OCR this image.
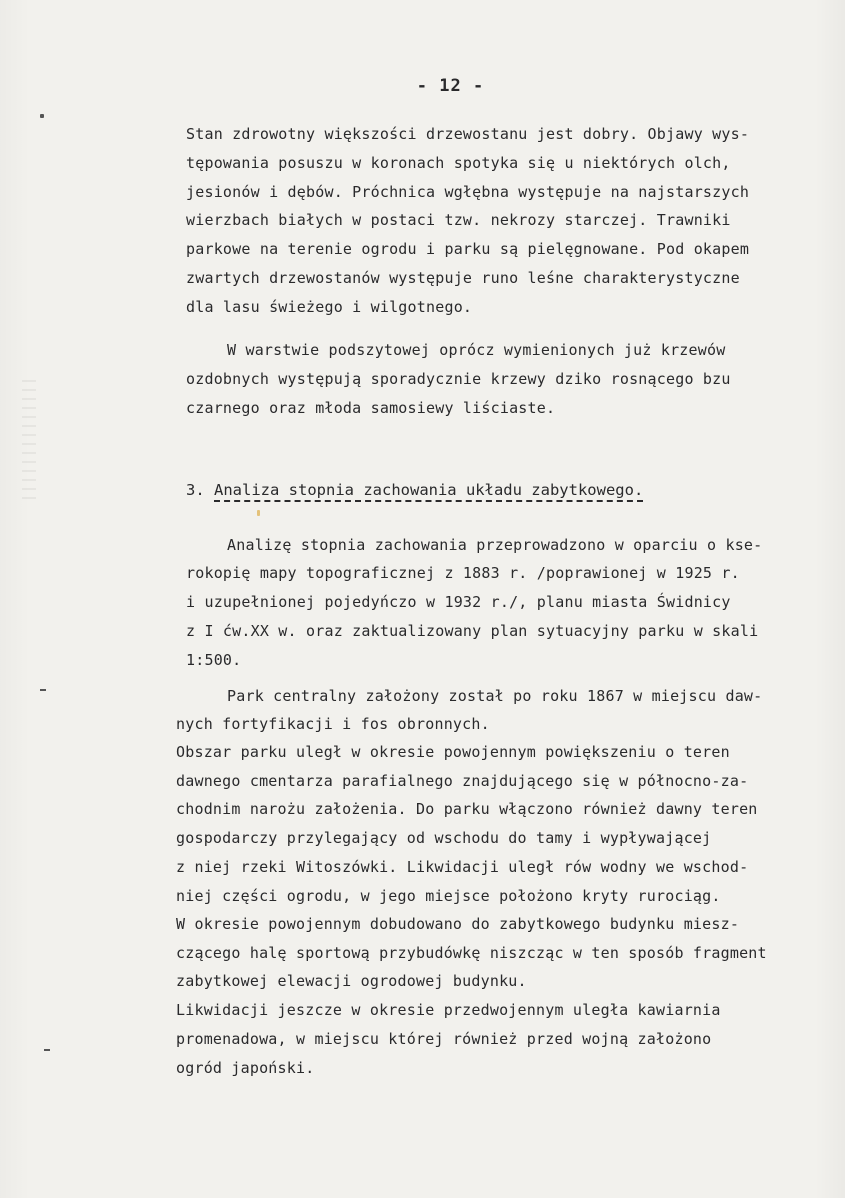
- 12 -
Stan zdrowotny większości drzewostanu jest dobry. Objawy wys-
tępowania posuszu w koronach spotyka się u niektórych olch,
jesionów i dębów. Próchnica wgłębna występuje na najstarszych
wierzbach białych w postaci tzw. nekrozy starczej. Trawniki
parkowe na terenie ogrodu i parku są pielęgnowane. Pod okapem
zwartych drzewostanów występuje runo leśne charakterystyczne
dla lasu świeżego i wilgotnego.
W warstwie podszytowej oprócz wymienionych już krzewów
ozdobnych występują sporadycznie krzewy dziko rosnącego bzu
czarnego oraz młoda samosiewy liściaste.
3. Analiza stopnia zachowania układu zabytkowego.
Analizę stopnia zachowania przeprowadzono w oparciu o kse-
rokopię mapy topograficznej z 1883 r. /poprawionej w 1925 r.
i uzupełnionej pojedyńczo w 1932 r./, planu miasta Świdnicy
z I ćw.XX w. oraz zaktualizowany plan sytuacyjny parku w skali
1:500.
Park centralny założony został po roku 1867 w miejscu daw-
nych fortyfikacji i fos obronnych.
Obszar parku uległ w okresie powojennym powiększeniu o teren
dawnego cmentarza parafialnego znajdującego się w północno-za-
chodnim narożu założenia. Do parku włączono również dawny teren
gospodarczy przylegający od wschodu do tamy i wypływającej
z niej rzeki Witoszówki. Likwidacji uległ rów wodny we wschod-
niej części ogrodu, w jego miejsce położono kryty rurociąg.
W okresie powojennym dobudowano do zabytkowego budynku miesz-
czącego halę sportową przybudówkę niszcząc w ten sposób fragment
zabytkowej elewacji ogrodowej budynku.
Likwidacji jeszcze w okresie przedwojennym uległa kawiarnia
promenadowa, w miejscu której również przed wojną założono
ogród japoński.
